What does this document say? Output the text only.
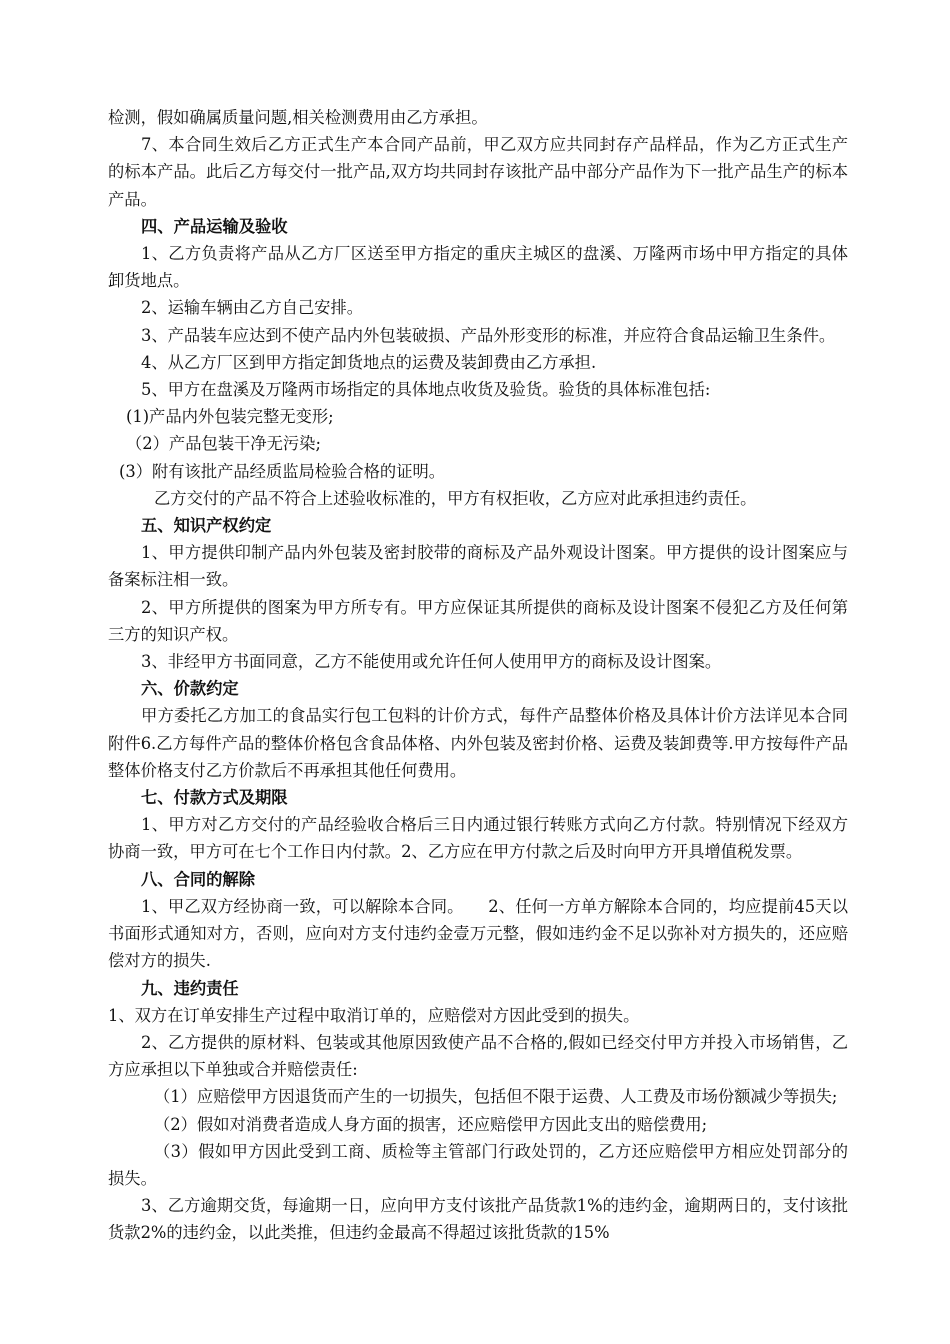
检测，假如确属质量问题,相关检测费用由乙方承担。

7、本合同生效后乙方正式生产本合同产品前，甲乙双方应共同封存产品样品，作为乙方正式生产的标本产品。此后乙方每交付一批产品,双方均共同封存该批产品中部分产品作为下一批产品生产的标本产品。

四、产品运输及验收

1、乙方负责将产品从乙方厂区送至甲方指定的重庆主城区的盘溪、万隆两市场中甲方指定的具体卸货地点。

2、运输车辆由乙方自己安排。

3、产品装车应达到不使产品内外包装破损、产品外形变形的标准，并应符合食品运输卫生条件。

4、从乙方厂区到甲方指定卸货地点的运费及装卸费由乙方承担.

5、甲方在盘溪及万隆两市场指定的具体地点收货及验货。验货的具体标准包括:

(1)产品内外包装完整无变形;

（2）产品包装干净无污染;

(3）附有该批产品经质监局检验合格的证明。

乙方交付的产品不符合上述验收标准的，甲方有权拒收，乙方应对此承担违约责任。

五、知识产权约定

1、甲方提供印制产品内外包装及密封胶带的商标及产品外观设计图案。甲方提供的设计图案应与备案标注相一致。

2、甲方所提供的图案为甲方所专有。甲方应保证其所提供的商标及设计图案不侵犯乙方及任何第三方的知识产权。

3、非经甲方书面同意，乙方不能使用或允许任何人使用甲方的商标及设计图案。

六、价款约定

甲方委托乙方加工的食品实行包工包料的计价方式，每件产品整体价格及具体计价方法详见本合同附件6.乙方每件产品的整体价格包含食品体格、内外包装及密封价格、运费及装卸费等.甲方按每件产品整体价格支付乙方价款后不再承担其他任何费用。

七、付款方式及期限

1、甲方对乙方交付的产品经验收合格后三日内通过银行转账方式向乙方付款。特别情况下经双方协商一致，甲方可在七个工作日内付款。2、乙方应在甲方付款之后及时向甲方开具增值税发票。

八、合同的解除

1、甲乙双方经协商一致，可以解除本合同。　　2、任何一方单方解除本合同的，均应提前45天以书面形式通知对方，否则，应向对方支付违约金壹万元整，假如违约金不足以弥补对方损失的，还应赔偿对方的损失.

九、违约责任

1、双方在订单安排生产过程中取消订单的，应赔偿对方因此受到的损失。

2、乙方提供的原材料、包装或其他原因致使产品不合格的,假如已经交付甲方并投入市场销售，乙方应承担以下单独或合并赔偿责任:

（1）应赔偿甲方因退货而产生的一切损失，包括但不限于运费、人工费及市场份额减少等损失;

（2）假如对消费者造成人身方面的损害，还应赔偿甲方因此支出的赔偿费用;

（3）假如甲方因此受到工商、质检等主管部门行政处罚的，乙方还应赔偿甲方相应处罚部分的损失。

3、乙方逾期交货，每逾期一日，应向甲方支付该批产品货款1%的违约金，逾期两日的，支付该批货款2%的违约金，以此类推，但违约金最高不得超过该批货款的15%
